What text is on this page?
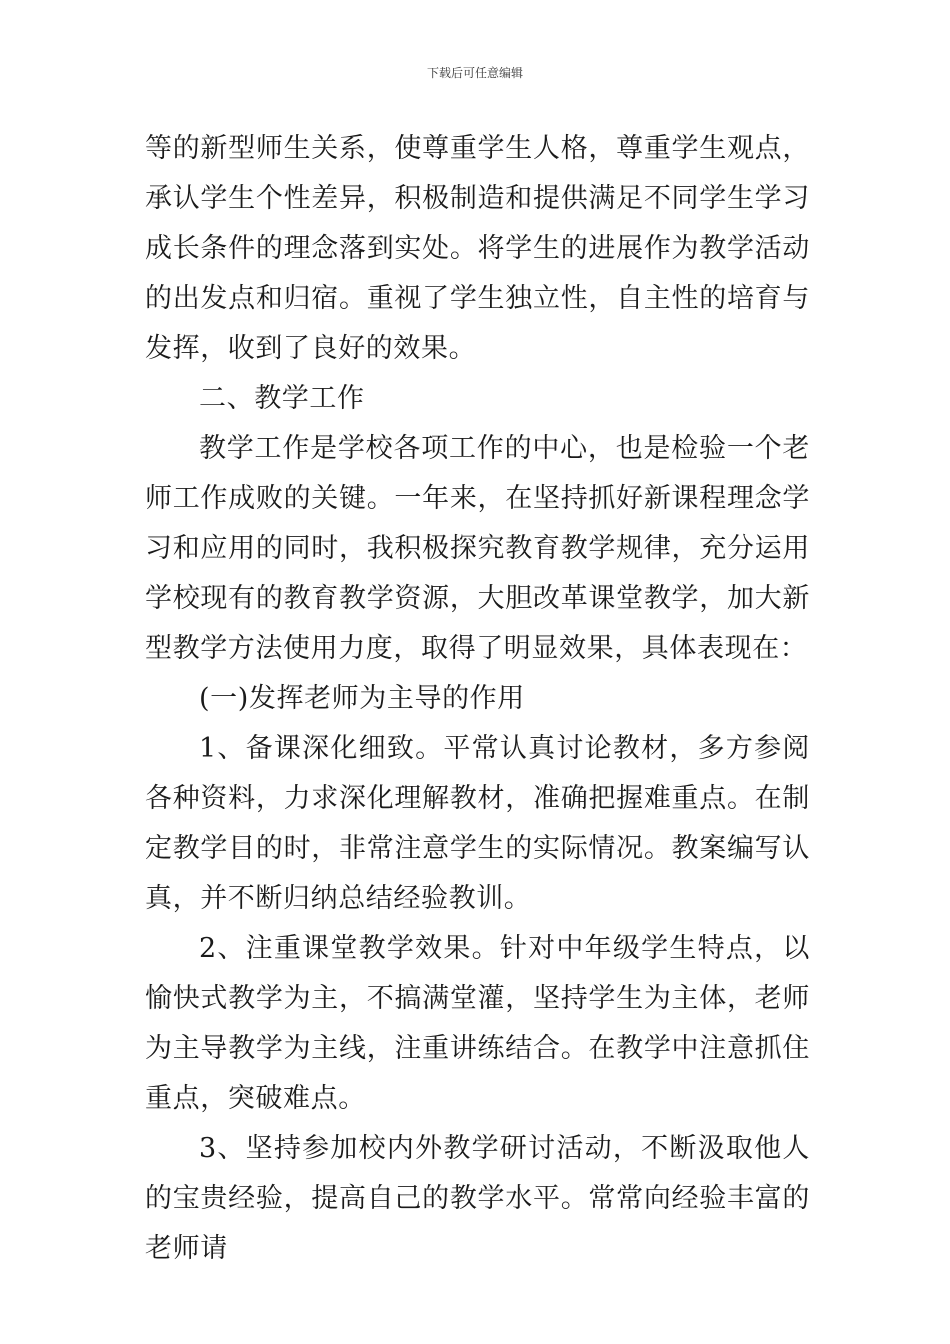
下载后可任意编辑

等的新型师生关系，使尊重学生人格，尊重学生观点，承认学生个性差异，积极制造和提供满足不同学生学习成长条件的理念落到实处。将学生的进展作为教学活动的出发点和归宿。重视了学生独立性，自主性的培育与发挥，收到了良好的效果。

二、教学工作

教学工作是学校各项工作的中心，也是检验一个老师工作成败的关键。一年来，在坚持抓好新课程理念学习和应用的同时，我积极探究教育教学规律，充分运用学校现有的教育教学资源，大胆改革课堂教学，加大新型教学方法使用力度，取得了明显效果，具体表现在：

(一)发挥老师为主导的作用

1、备课深化细致。平常认真讨论教材，多方参阅各种资料，力求深化理解教材，准确把握难重点。在制定教学目的时，非常注意学生的实际情况。教案编写认真，并不断归纳总结经验教训。

2、注重课堂教学效果。针对中年级学生特点，以愉快式教学为主，不搞满堂灌，坚持学生为主体，老师为主导教学为主线，注重讲练结合。在教学中注意抓住重点，突破难点。

3、坚持参加校内外教学研讨活动，不断汲取他人的宝贵经验，提高自己的教学水平。常常向经验丰富的老师请
